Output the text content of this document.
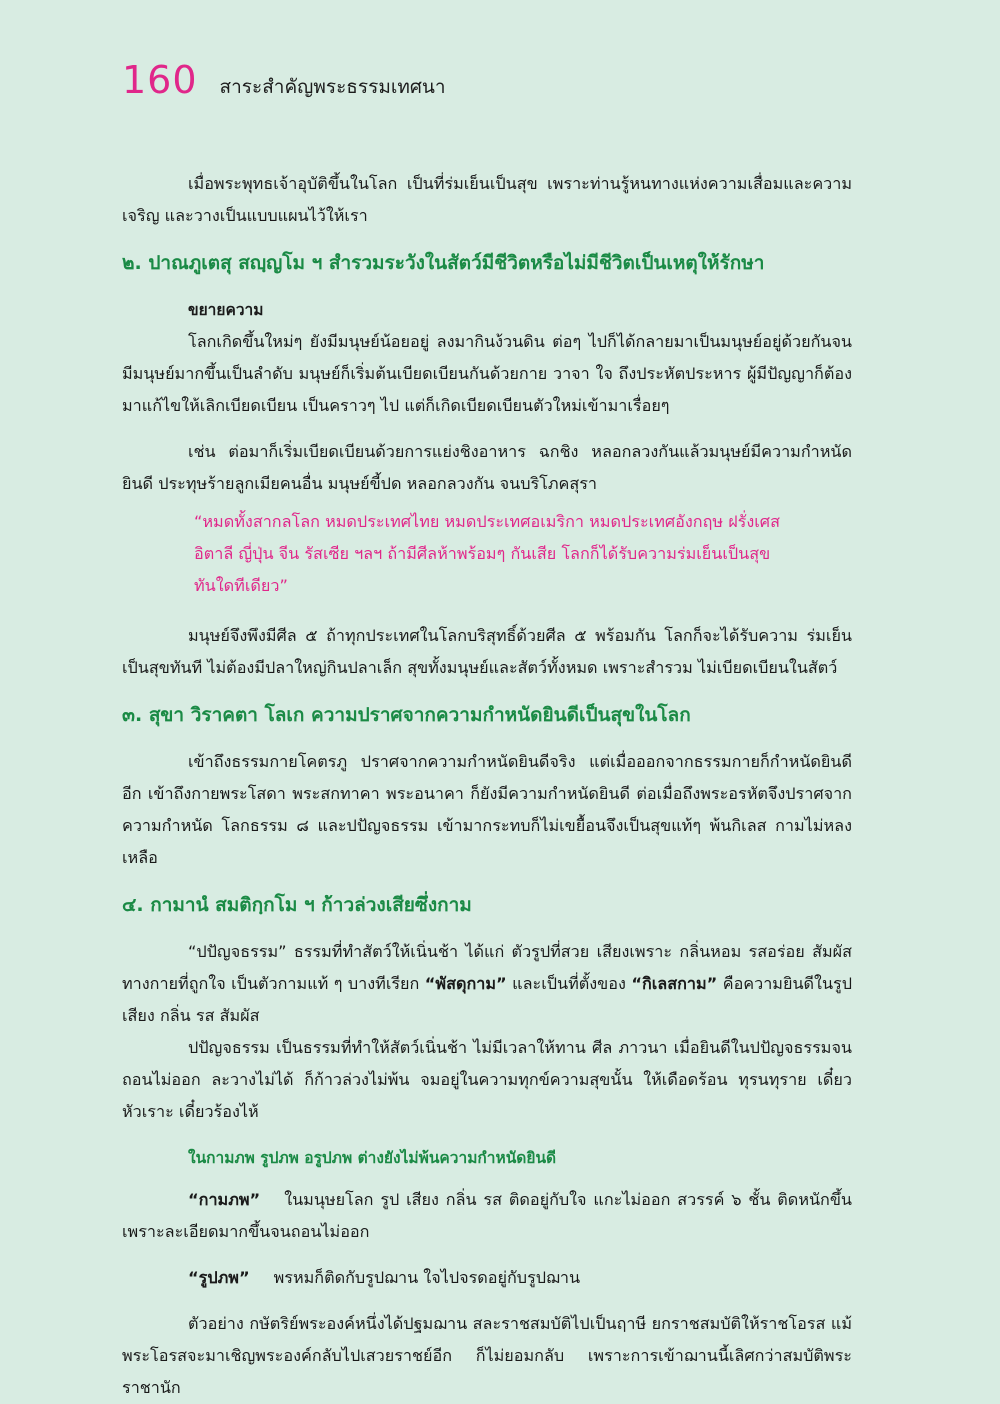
160 สาระสำคัญพระธรรมเทศนา

เมื่อพระพุทธเจ้าอุบัติขึ้นในโลก เป็นที่ร่มเย็นเป็นสุข เพราะท่านรู้หนทางแห่งความเสื่อมและความเจริญ และวางเป็นแบบแผนไว้ให้เรา

๒. ปาณภูเตสุ สญฺญโม ฯ สำรวมระวังในสัตว์มีชีวิตหรือไม่มีชีวิตเป็นเหตุให้รักษา

ขยายความ

โลกเกิดขึ้นใหม่ๆ ยังมีมนุษย์น้อยอยู่ ลงมากินง้วนดิน ต่อๆ ไปก็ได้กลายมาเป็นมนุษย์อยู่ด้วยกันจนมีมนุษย์มากขึ้นเป็นลำดับ มนุษย์ก็เริ่มต้นเบียดเบียนกันด้วยกาย วาจา ใจ ถึงประหัตประหาร ผู้มีปัญญาก็ต้องมาแก้ไขให้เลิกเบียดเบียน เป็นคราวๆ ไป แต่ก็เกิดเบียดเบียนตัวใหม่เข้ามาเรื่อยๆ

เช่น ต่อมาก็เริ่มเบียดเบียนด้วยการแย่งชิงอาหาร ฉกชิง หลอกลวงกันแล้วมนุษย์มีความกำหนัดยินดี ประทุษร้ายลูกเมียคนอื่น มนุษย์ขี้ปด หลอกลวงกัน จนบริโภคสุรา

“หมดทั้งสากลโลก หมดประเทศไทย หมดประเทศอเมริกา หมดประเทศอังกฤษ ฝรั่งเศส อิตาลี ญี่ปุ่น จีน รัสเซีย ฯลฯ ถ้ามีศีลห้าพร้อมๆ กันเสีย โลกก็ได้รับความร่มเย็นเป็นสุขทันใดทีเดียว”

มนุษย์จึงพึงมีศีล ๕ ถ้าทุกประเทศในโลกบริสุทธิ์ด้วยศีล ๕ พร้อมกัน โลกก็จะได้รับความ ร่มเย็นเป็นสุขทันที ไม่ต้องมีปลาใหญ่กินปลาเล็ก สุขทั้งมนุษย์และสัตว์ทั้งหมด เพราะสำรวม ไม่เบียดเบียนในสัตว์

๓. สุขา วิราคตา โลเก ความปราศจากความกำหนัดยินดีเป็นสุขในโลก

เข้าถึงธรรมกายโคตรภู ปราศจากความกำหนัดยินดีจริง แต่เมื่อออกจากธรรมกายก็กำหนัดยินดีอีก เข้าถึงกายพระโสดา พระสกทาคา พระอนาคา ก็ยังมีความกำหนัดยินดี ต่อเมื่อถึงพระอรหัตจึงปราศจากความกำหนัด โลกธรรม ๘ และปปัญจธรรม เข้ามากระทบก็ไม่เขยื้อนจึงเป็นสุขแท้ๆ พ้นกิเลส กามไม่หลงเหลือ

๔. กามานํ สมติกฺกโม ฯ ก้าวล่วงเสียซึ่งกาม

“ปปัญจธรรม” ธรรมที่ทำสัตว์ให้เนิ่นช้า ได้แก่ ตัวรูปที่สวย เสียงเพราะ กลิ่นหอม รสอร่อย สัมผัสทางกายที่ถูกใจ เป็นตัวกามแท้ ๆ บางทีเรียก “พัสดุกาม” และเป็นที่ตั้งของ “กิเลสกาม” คือความยินดีในรูป เสียง กลิ่น รส สัมผัส

ปปัญจธรรม เป็นธรรมที่ทำให้สัตว์เนิ่นช้า ไม่มีเวลาให้ทาน ศีล ภาวนา เมื่อยินดีในปปัญจธรรมจนถอนไม่ออก ละวางไม่ได้ ก็ก้าวล่วงไม่พ้น จมอยู่ในความทุกข์ความสุขนั้น ให้เดือดร้อน ทุรนทุราย เดี๋ยวหัวเราะ เดี๋ยวร้องไห้

ในกามภพ รูปภพ อรูปภพ ต่างยังไม่พ้นความกำหนัดยินดี

“กามภพ” ในมนุษยโลก รูป เสียง กลิ่น รส ติดอยู่กับใจ แกะไม่ออก สวรรค์ ๖ ชั้น ติดหนักขึ้น เพราะละเอียดมากขึ้นจนถอนไม่ออก

“รูปภพ” พรหมก็ติดกับรูปฌาน ใจไปจรดอยู่กับรูปฌาน

ตัวอย่าง กษัตริย์พระองค์หนึ่งได้ปฐมฌาน สละราชสมบัติไปเป็นฤาษี ยกราชสมบัติให้ราชโอรส แม้พระโอรสจะมาเชิญพระองค์กลับไปเสวยราชย์อีก ก็ไม่ยอมกลับ เพราะการเข้าฌานนี้เลิศกว่าสมบัติพระราชานัก
